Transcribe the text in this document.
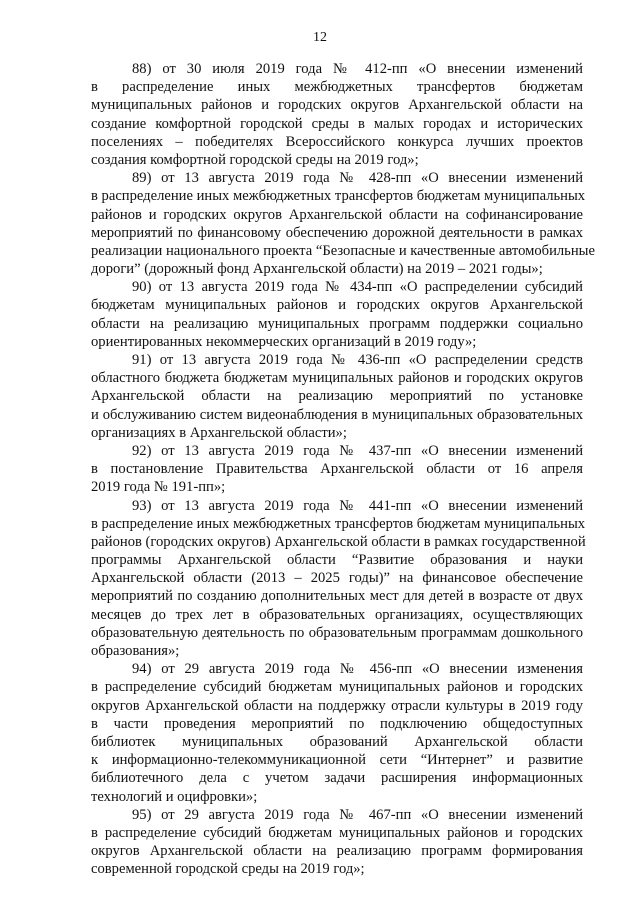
12
88) от 30 июля 2019 года № 412-пп «О внесении изменений
в распределение иных межбюджетных трансфертов бюджетам
муниципальных районов и городских округов Архангельской области на
создание комфортной городской среды в малых городах и исторических
поселениях – победителях Всероссийского конкурса лучших проектов
создания комфортной городской среды на 2019 год»;
89) от 13 августа 2019 года № 428-пп «О внесении изменений
в распределение иных межбюджетных трансфертов бюджетам муниципальных
районов и городских округов Архангельской области на софинансирование
мероприятий по финансовому обеспечению дорожной деятельности в рамках
реализации национального проекта “Безопасные и качественные автомобильные
дороги” (дорожный фонд Архангельской области) на 2019 – 2021 годы»;
90) от 13 августа 2019 года № 434-пп «О распределении субсидий
бюджетам муниципальных районов и городских округов Архангельской
области на реализацию муниципальных программ поддержки социально
ориентированных некоммерческих организаций в 2019 году»;
91) от 13 августа 2019 года № 436-пп «О распределении средств
областного бюджета бюджетам муниципальных районов и городских округов
Архангельской области на реализацию мероприятий по установке
и обслуживанию систем видеонаблюдения в муниципальных образовательных
организациях в Архангельской области»;
92) от 13 августа 2019 года № 437-пп «О внесении изменений
в постановление Правительства Архангельской области от 16 апреля
2019 года № 191-пп»;
93) от 13 августа 2019 года № 441-пп «О внесении изменений
в распределение иных межбюджетных трансфертов бюджетам муниципальных
районов (городских округов) Архангельской области в рамках государственной
программы Архангельской области “Развитие образования и науки
Архангельской области (2013 – 2025 годы)” на финансовое обеспечение
мероприятий по созданию дополнительных мест для детей в возрасте от двух
месяцев до трех лет в образовательных организациях, осуществляющих
образовательную деятельность по образовательным программам дошкольного
образования»;
94) от 29 августа 2019 года № 456-пп «О внесении изменения
в распределение субсидий бюджетам муниципальных районов и городских
округов Архангельской области на поддержку отрасли культуры в 2019 году
в части проведения мероприятий по подключению общедоступных
библиотек муниципальных образований Архангельской области
к информационно-телекоммуникационной сети “Интернет” и развитие
библиотечного дела с учетом задачи расширения информационных
технологий и оцифровки»;
95) от 29 августа 2019 года № 467-пп «О внесении изменений
в распределение субсидий бюджетам муниципальных районов и городских
округов Архангельской области на реализацию программ формирования
современной городской среды на 2019 год»;
